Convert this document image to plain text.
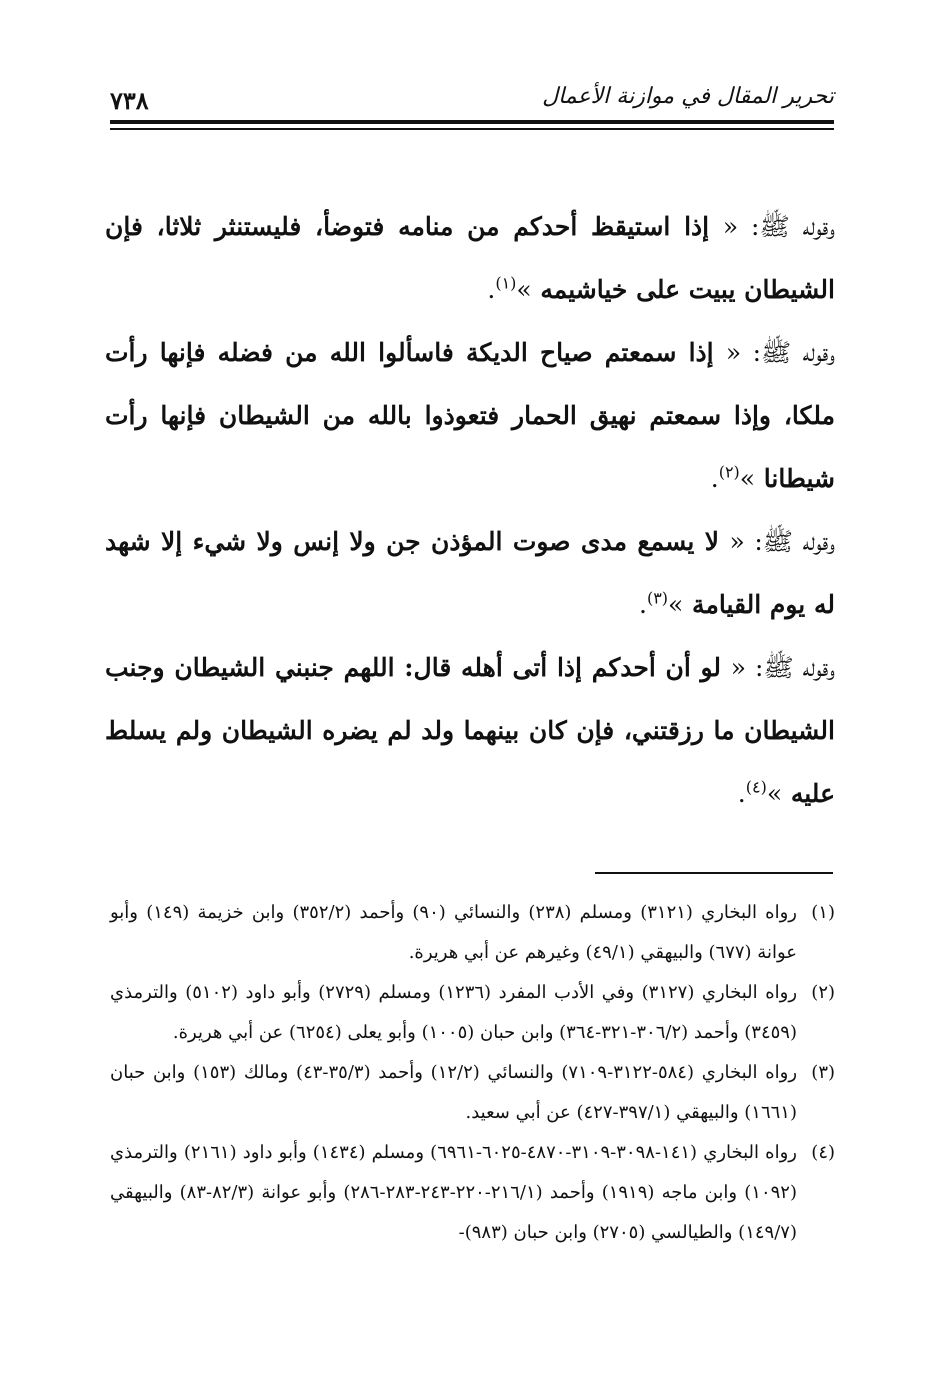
٧٣٨	تحرير المقال في موازنة الأعمال

وقوله ﷺ: « إذا استيقظ أحدكم من منامه فتوضأ، فليستنثر ثلاثا، فإن الشيطان يبيت على خياشيمه »$^{(١)}$.

وقوله ﷺ: « إذا سمعتم صياح الديكة فاسألوا الله من فضله فإنها رأت ملكا، وإذا سمعتم نهيق الحمار فتعوذوا بالله من الشيطان فإنها رأت شيطانا »$^{(٢)}$.

وقوله ﷺ: « لا يسمع مدى صوت المؤذن جن ولا إنس ولا شيء إلا شهد له يوم القيامة »$^{(٣)}$.

وقوله ﷺ: « لو أن أحدكم إذا أتى أهله قال: اللهم جنبني الشيطان وجنب الشيطان ما رزقتني، فإن كان بينهما ولد لم يضره الشيطان ولم يسلط عليه »$^{(٤)}$.

(١)رواه البخاري (٣١٢١) ومسلم (٢٣٨) والنسائي (٩٠) وأحمد (٣٥٢/٢) وابن خزيمة (١٤٩) وأبو عوانة (٦٧٧) والبيهقي (٤٩/١) وغيرهم عن أبي هريرة.

(٢)رواه البخاري (٣١٢٧) وفي الأدب المفرد (١٢٣٦) ومسلم (٢٧٢٩) وأبو داود (٥١٠٢) والترمذي (٣٤٥٩) وأحمد (٣٠٦/٢-٣٢١-٣٦٤) وابن حبان (١٠٠٥) وأبو يعلى (٦٢٥٤) عن أبي هريرة.

(٣)رواه البخاري (٥٨٤-٣١٢٢-٧١٠٩) والنسائي (١٢/٢) وأحمد (٣٥/٣-٤٣) ومالك (١٥٣) وابن حبان (١٦٦١) والبيهقي (٣٩٧/١-٤٢٧) عن أبي سعيد.

(٤)رواه البخاري (١٤١-٣٠٩٨-٣١٠٩-٤٨٧٠-٦٠٢٥-٦٩٦١) ومسلم (١٤٣٤) وأبو داود (٢١٦١) والترمذي (١٠٩٢) وابن ماجه (١٩١٩) وأحمد (٢١٦/١-٢٢٠-٢٤٣-٢٨٣-٢٨٦) وأبو عوانة (٨٢/٣-٨٣) والبيهقي (١٤٩/٧) والطيالسي (٢٧٠٥) وابن حبان (٩٨٣)-
